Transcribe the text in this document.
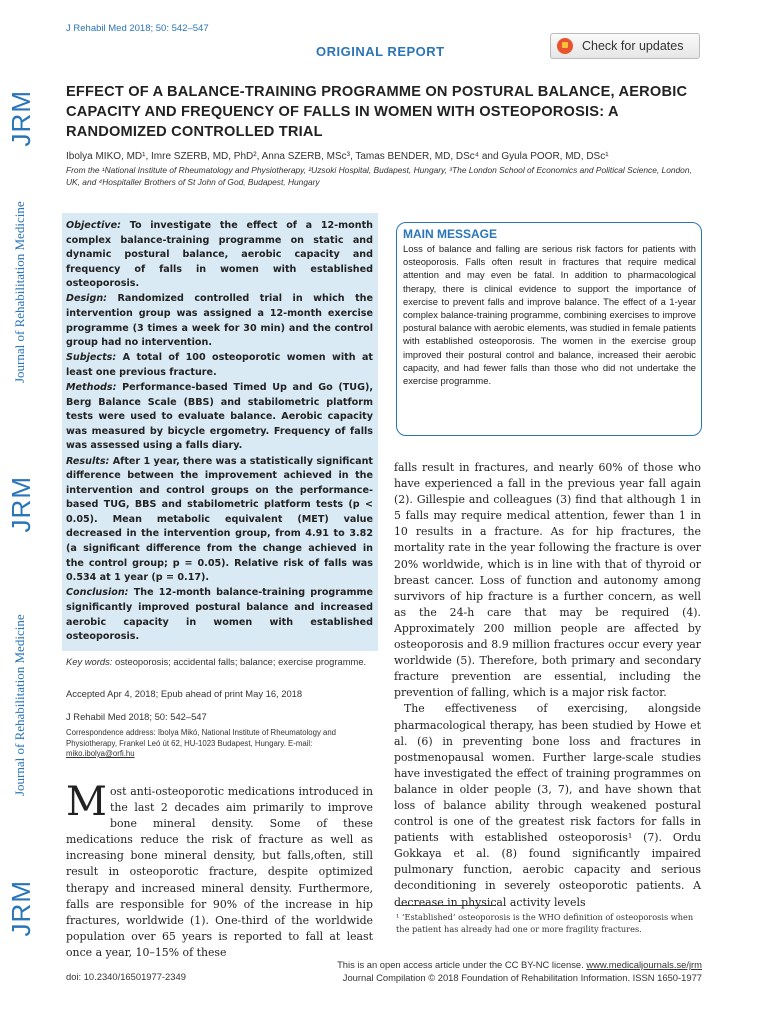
JRM
Journal of Rehabilitation Medicine
JRM
Journal of Rehabilitation Medicine
JRM
J Rehabil Med 2018; 50: 542–547
ORIGINAL REPORT	Check for updates
EFFECT OF A BALANCE-TRAINING PROGRAMME ON POSTURAL BALANCE, AEROBIC CAPACITY AND FREQUENCY OF FALLS IN WOMEN WITH OSTEOPOROSIS: A RANDOMIZED CONTROLLED TRIAL
Ibolya MIKO, MD¹, Imre SZERB, MD, PhD², Anna SZERB, MSc³, Tamas BENDER, MD, DSc⁴ and Gyula POOR, MD, DSc¹
From the ¹National Institute of Rheumatology and Physiotherapy, ²Uzsoki Hospital, Budapest, Hungary, ³The London School of Economics and Political Science, London, UK, and ⁴Hospitaller Brothers of St John of God, Budapest, Hungary

Objective: To investigate the effect of a 12-month complex balance-training programme on static and dynamic postural balance, aerobic capacity and frequency of falls in women with established osteoporosis.

Design: Randomized controlled trial in which the intervention group was assigned a 12-month exercise programme (3 times a week for 30 min) and the control group had no intervention.

Subjects: A total of 100 osteoporotic women with at least one previous fracture.

Methods: Performance-based Timed Up and Go (TUG), Berg Balance Scale (BBS) and stabilometric platform tests were used to evaluate balance. Aerobic capacity was measured by bicycle ergometry. Frequency of falls was assessed using a falls diary.

Results: After 1 year, there was a statistically significant difference between the improvement achieved in the intervention and control groups on the performance-based TUG, BBS and stabilometric platform tests (p < 0.05). Mean metabolic equivalent (MET) value decreased in the intervention group, from 4.91 to 3.82 (a significant difference from the change achieved in the control group; p = 0.05). Relative risk of falls was 0.534 at 1 year (p = 0.17).

Conclusion: The 12-month balance-training programme significantly improved postural balance and increased aerobic capacity in women with established osteoporosis.

Key words: osteoporosis; accidental falls; balance; exercise programme.
Accepted Apr 4, 2018; Epub ahead of print May 16, 2018
J Rehabil Med 2018; 50: 542–547
Correspondence address: Ibolya Mikó, National Institute of Rheumatology and Physiotherapy, Frankel Leó út 62, HU-1023 Budapest, Hungary. E-mail: miko.ibolya@orfi.hu
Most anti-osteoporotic medications introduced in the last 2 decades aim primarily to improve bone mineral density. Some of these medications reduce the risk of fracture as well as increasing bone mineral density, but falls,often, still result in osteoporotic fracture, despite optimized therapy and increased mineral density. Furthermore, falls are responsible for 90% of the increase in hip fractures, worldwide (1). One-third of the worldwide population over 65 years is reported to fall at least once a year, 10–15% of these
MAIN MESSAGE
Loss of balance and falling are serious risk factors for patients with osteoporosis. Falls often result in fractures that require medical attention and may even be fatal. In addition to pharmacological therapy, there is clinical evidence to support the importance of exercise to prevent falls and improve balance. The effect of a 1-year complex balance-training programme, combining exercises to improve postural balance with aerobic elements, was studied in female patients with established osteoporosis. The women in the exercise group improved their postural control and balance, increased their aerobic capacity, and had fewer falls than those who did not undertake the exercise programme.

falls result in fractures, and nearly 60% of those who have experienced a fall in the previous year fall again (2). Gillespie and colleagues (3) find that although 1 in 5 falls may require medical attention, fewer than 1 in 10 results in a fracture. As for hip fractures, the mortality rate in the year following the fracture is over 20% worldwide, which is in line with that of thyroid or breast cancer. Loss of function and autonomy among survivors of hip fracture is a further concern, as well as the 24-h care that may be required (4). Approximately 200 million people are affected by osteoporosis and 8.9 million fractures occur every year worldwide (5). Therefore, both primary and secondary fracture prevention are essential, including the prevention of falling, which is a major risk factor.

The effectiveness of exercising, alongside pharmacological therapy, has been studied by Howe et al. (6) in preventing bone loss and fractures in postmenopausal women. Further large-scale studies have investigated the effect of training programmes on balance in older people (3, 7), and have shown that loss of balance ability through weakened postural control is one of the greatest risk factors for falls in patients with established osteoporosis¹ (7). Ordu Gokkaya et al. (8) found significantly impaired pulmonary function, aerobic capacity and serious deconditioning in severely osteoporotic patients. A decrease in physical activity levels

¹ ‘Established’ osteoporosis is the WHO definition of osteoporosis when the patient has already had one or more fragility fractures.
This is an open access article under the CC BY-NC license. www.medicaljournals.se/jrm
Journal Compilation © 2018 Foundation of Rehabilitation Information. ISSN 1650-1977
doi: 10.2340/16501977-2349
